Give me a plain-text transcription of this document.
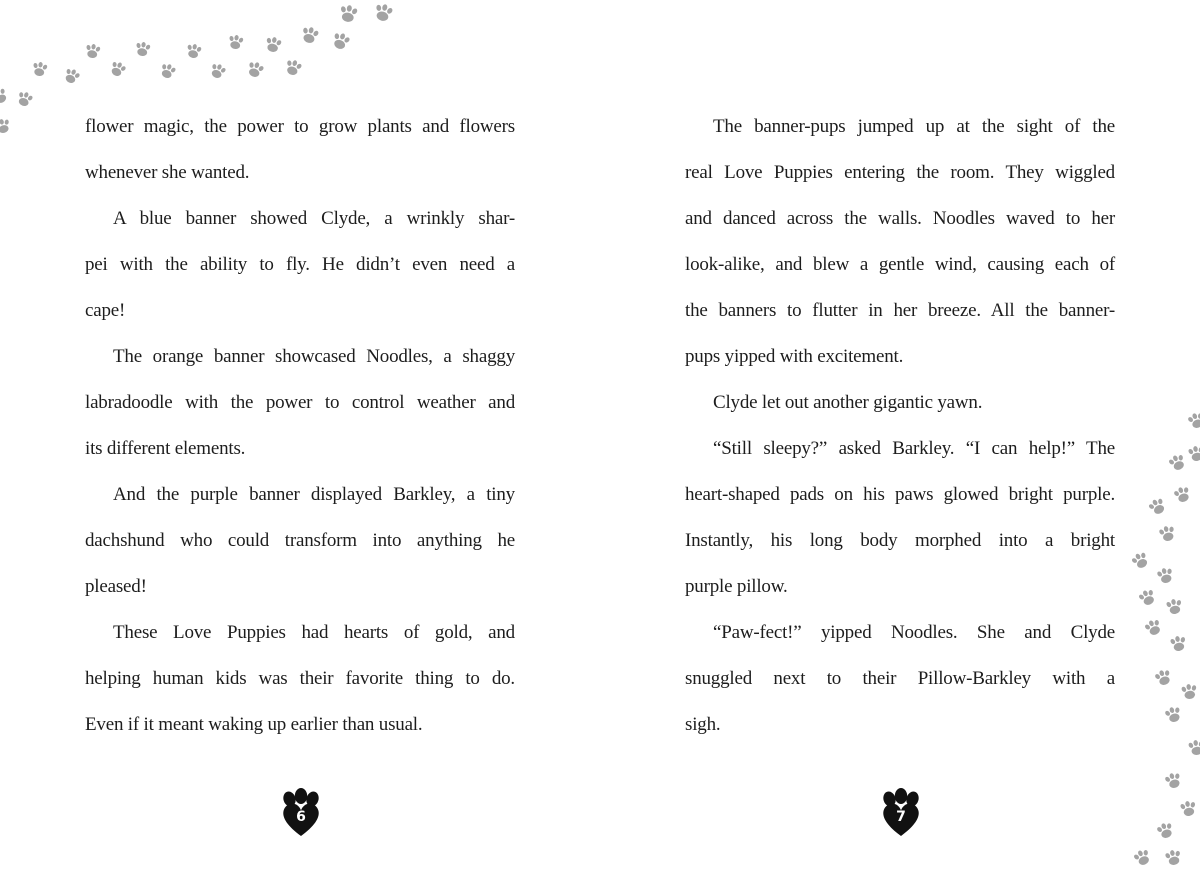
flower magic, the power to grow plants and flowers
whenever she wanted.
A blue banner showed Clyde, a wrinkly shar-
pei with the ability to fly. He didn’t even need a
cape!
The orange banner showcased Noodles, a shaggy
labradoodle with the power to control weather and
its different elements.
And the purple banner displayed Barkley, a tiny
dachshund who could transform into anything he
pleased!
These Love Puppies had hearts of gold, and
helping human kids was their favorite thing to do.
Even if it meant waking up earlier than usual.
6
The banner-pups jumped up at the sight of the
real Love Puppies entering the room. They wiggled
and danced across the walls. Noodles waved to her
look-alike, and blew a gentle wind, causing each of
the banners to flutter in her breeze. All the banner-
pups yipped with excitement.
Clyde let out another gigantic yawn.
“Still sleepy?” asked Barkley. “I can help!” The
heart-shaped pads on his paws glowed bright purple.
Instantly, his long body morphed into a bright
purple pillow.
“Paw-fect!” yipped Noodles. She and Clyde
snuggled next to their Pillow-Barkley with a
sigh.
7
